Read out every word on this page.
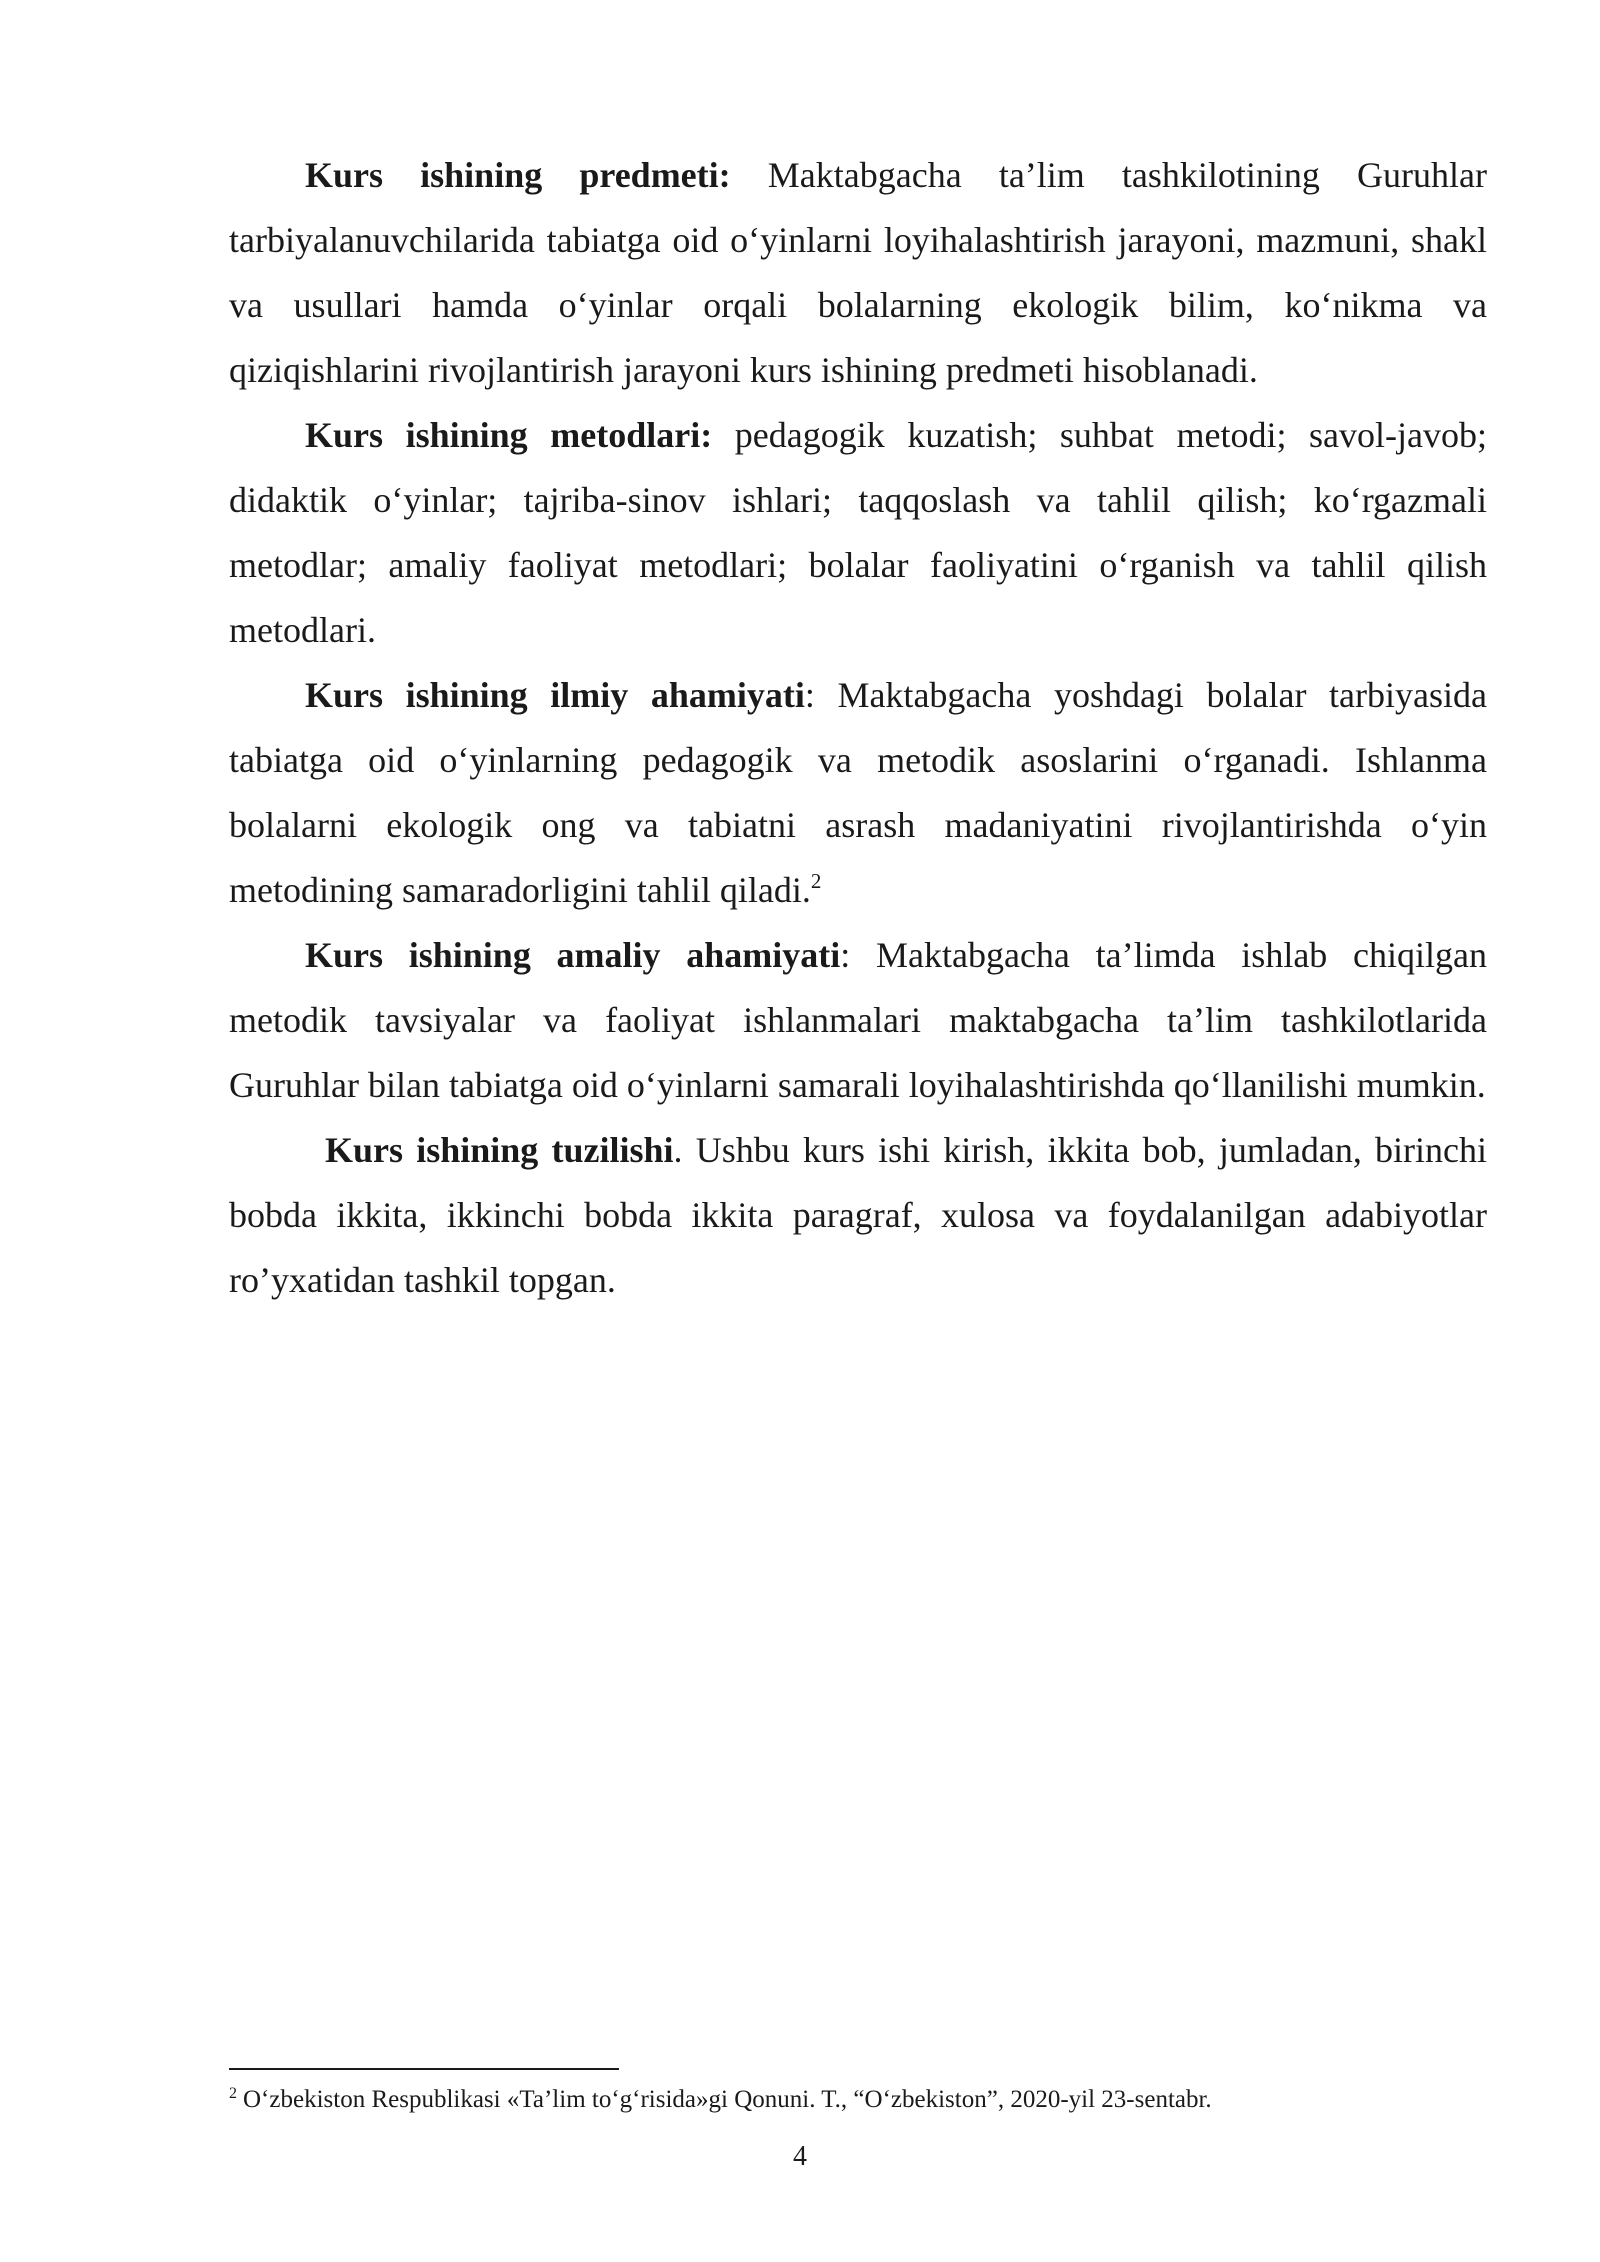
Kurs ishining predmeti: Maktabgacha ta’lim tashkilotining Guruhlar tarbiyalanuvchilarida tabiatga oid o‘yinlarni loyihalashtirish jarayoni, mazmuni, shakl va usullari hamda o‘yinlar orqali bolalarning ekologik bilim, ko‘nikma va qiziqishlarini rivojlantirish jarayoni kurs ishining predmeti hisoblanadi.

Kurs ishining metodlari: pedagogik kuzatish; suhbat metodi; savol-javob; didaktik o‘yinlar; tajriba-sinov ishlari; taqqoslash va tahlil qilish; ko‘rgazmali metodlar; amaliy faoliyat metodlari; bolalar faoliyatini o‘rganish va tahlil qilish metodlari.

Kurs ishining ilmiy ahamiyati: Maktabgacha yoshdagi bolalar tarbiyasida tabiatga oid o‘yinlarning pedagogik va metodik asoslarini o‘rganadi. Ishlanma bolalarni ekologik ong va tabiatni asrash madaniyatini rivojlantirishda o‘yin metodining samaradorligini tahlil qiladi.$^2$

Kurs ishining amaliy ahamiyati: Maktabgacha ta’limda ishlab chiqilgan metodik tavsiyalar va faoliyat ishlanmalari maktabgacha ta’lim tashkilotlarida Guruhlar bilan tabiatga oid o‘yinlarni samarali loyihalashtirishda qo‘llanilishi mumkin.

Kurs ishining tuzilishi. Ushbu kurs ishi kirish, ikkita bob, jumladan, birinchi bobda ikkita, ikkinchi bobda ikkita paragraf, xulosa va foydalanilgan adabiyotlar ro’yxatidan tashkil topgan.

$^2$ O‘zbekiston Respublikasi «Ta’lim to‘g‘risida»gi Qonuni. T., “O‘zbekiston”, 2020-yil 23-sentabr.

4
